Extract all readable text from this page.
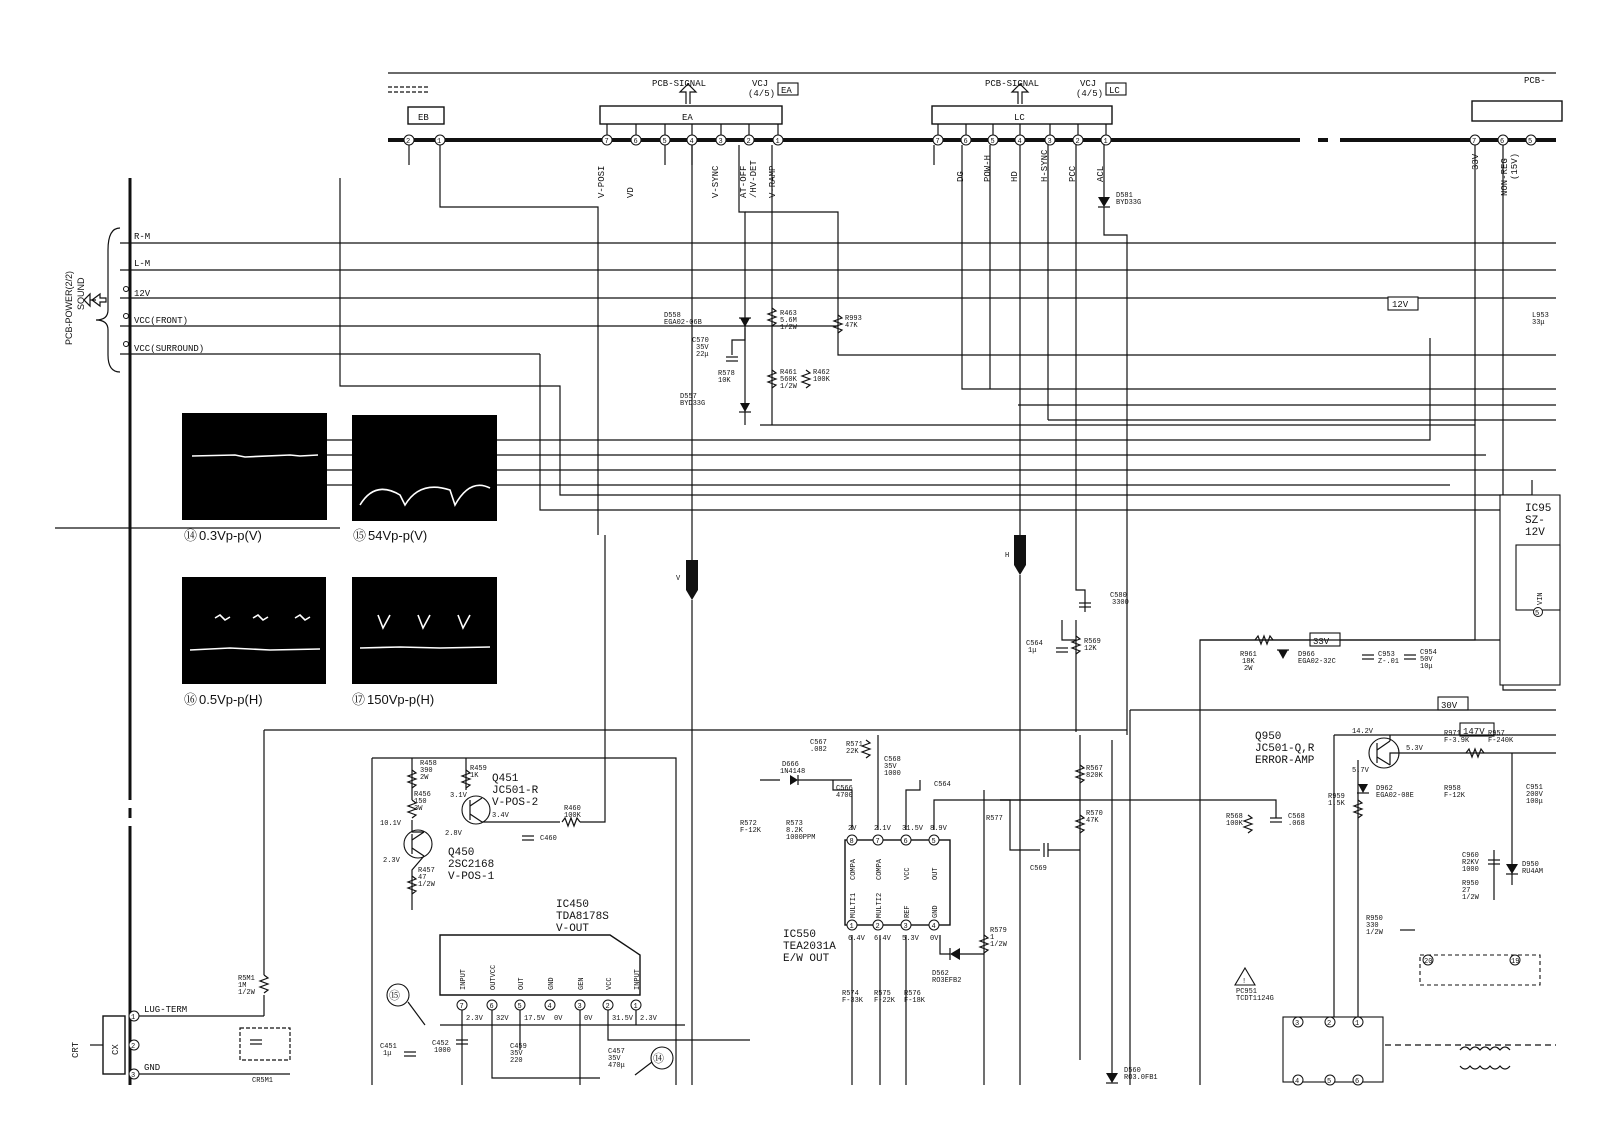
EB
2	1
PCB-SIGNAL	VCJ
(4/5) EA
EA
7	6	5	4	3	2	1
V-POSI VD	V-SYNC AT-OFF /HV-DET V-RAMP
PCB-SIGNAL	VCJ
(4/5) LC
LC
7	6	5	4	3	2	1
DG POW-H HD H-SYNC PCC ACL
PCB-
7	6	5
33V NON-REG (15V)
PCB-POWER(2/2) SOUND
R-M
L-M
12V
VCC(FRONT)
VCC(SURROUND)
12V
⑭ 0.3Vp-p(V)	⑮ 54Vp-p(V)
⑯ 0.5Vp-p(H)	⑰ 150Vp-p(H)
V
H
D558
EGA02-06B
C570
35V
22μ
R578
10K
D557
BYD33G
R463
5.6M
1/2W
R461
560K
1/2W
R462
100K
R993
47K
D581
BYD33G
C580
3300
R569
12K
C564
1μ
33V
R961
18K
2W
D966
EGA02-32C
C953
Z-.01
C954
50V
10μ
L953
33μ
30V
147V
IC95
SZ-
12V
5
VIN
Q950
JC501-Q,R
ERROR-AMP
14.2V
5.3V
5.7V
D962
EGA02-08E
R959
1.5K
R971
F-3.9K
R957
F-240K
R958
F-12K
C951
200V
100μ
C960
R2KV
1000
D950
RU4AM
R950
27
1/2W
R950
330
1/2W
!
PC951
TCDT1124G
3	2	1
4	5	6
20	19
R458
390
2W
R459
1K
R456
150
3W
R457
47
1/2W
R460
100K
C460
Q451
JC501-R
V-POS-2
Q450
2SC2168
V-POS-1
3.1V
3.4V
2.8V
10.1V
2.3V
IC450
TDA8178S
V-OUT
7
INPUT
2.3V
6
OUTVCC
32V
5
OUT
17.5V
4
GND
0V
3
GEN
0V
2
VCC
31.5V
1
INPUT
2.3V
⑮
⑭
C451
1μ
C452
1000	C459
35V
220
C457
35V
470μ
IC550
TEA2031A
E/W OUT
8
COMPA
2V
7
COMPA
2.1V
6
VCC
31.5V
5
OUT
8.9V
1
MULTI1
6.4V
2
MULTI2
6.4V
3
REF
5.3V
4
GND
0V
D666
1N4148
C567
.082
R571
22K
C566
4700
C568
35V
1000
C564
R567
820K
R570
47K
C569
R577
R572
F-12K
R573
8.2K
1000PPM
R568
100K
C568
.068
R579
1
1/2W
D562
RO3EFB2
R574
F-33K
R575
F-22K
R576
F-18K
D560
RO3.0FB1
CX
CRT
1
2
3
LUG-TERM
GND
R5M1
1M
1/2W
CR5M1
